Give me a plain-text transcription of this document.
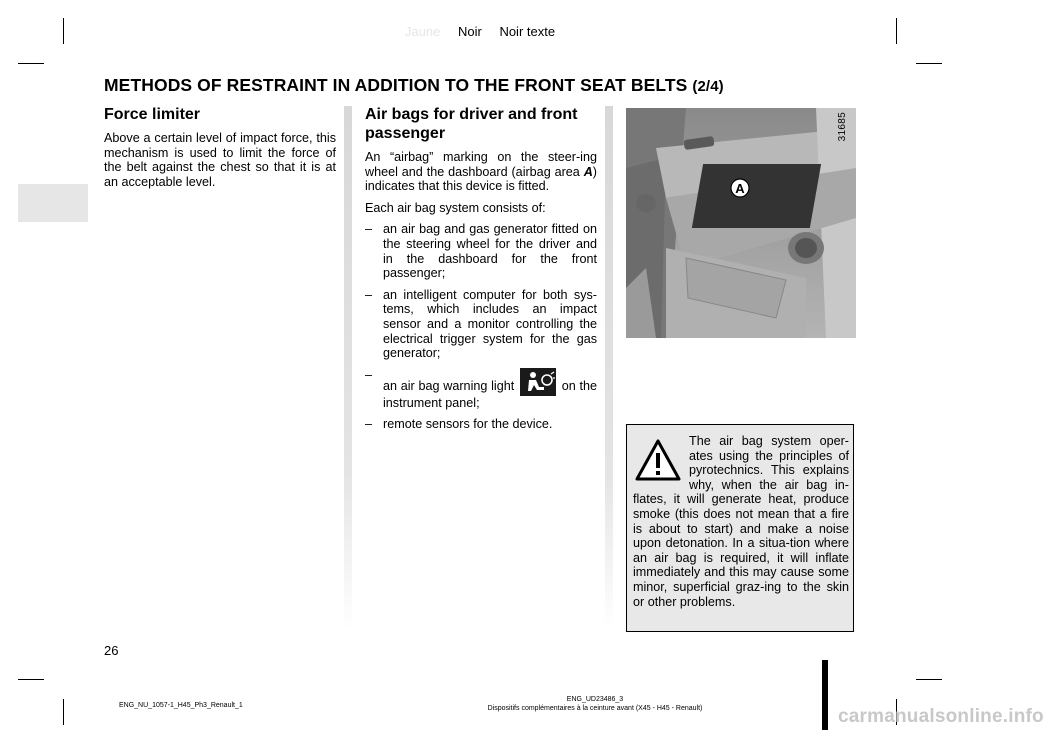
Jaune Noir Noir texte
METHODS OF RESTRAINT IN ADDITION TO THE FRONT SEAT BELTS (2/4)
Force limiter

Above a certain level of impact force, this mechanism is used to limit the force of the belt against the chest so that it is at an acceptable level.

Air bags for driver and front passenger

An “airbag” marking on the steer-ing wheel and the dashboard (airbag area A) indicates that this device is fitted.

Each air bag system consists of:

– an air bag and gas generator fitted on the steering wheel for the driver and in the dashboard for the front passenger;
– an intelligent computer for both sys-tems, which includes an impact sensor and a monitor controlling the electrical trigger system for the gas generator;
–
an air bag warning light	on the instrument panel;
– remote sensors for the device.
A
31685
The air bag system oper-ates using the principles of pyrotechnics. This explains why, when the air bag in-flates, it will generate heat, produce smoke (this does not mean that a fire is about to start) and make a noise upon detonation. In a situa-tion where an air bag is required, it will inflate immediately and this may cause some minor, superficial graz-ing to the skin or other problems.
26
ENG_NU_1057-1_H45_Ph3_Renault_1
ENG_UD23486_3
Dispositifs complémentaires à la ceinture avant (X45 - H45 - Renault)	carmanualsonline.info
